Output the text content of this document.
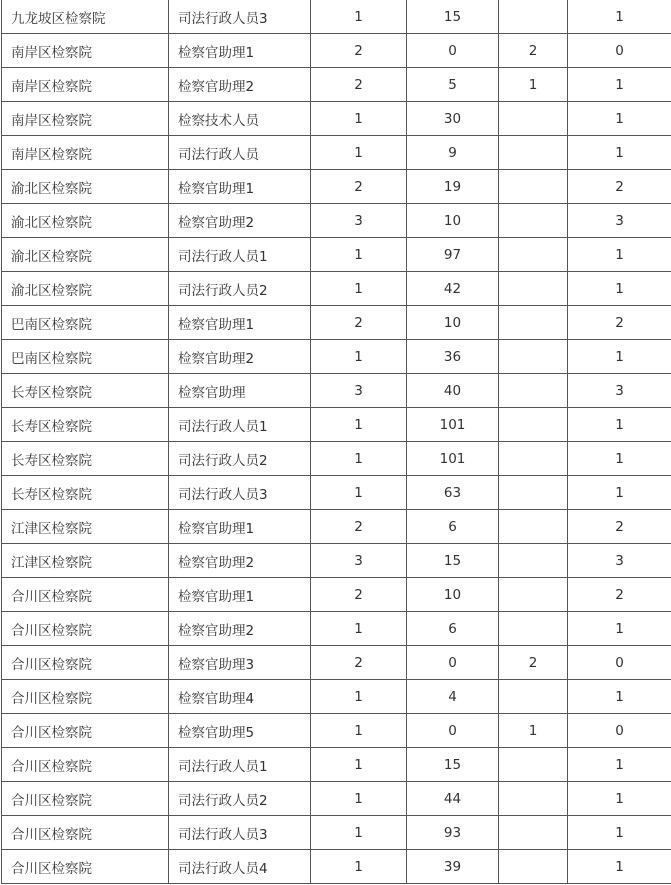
九龙坡区检察院	司法行政人员3	1	15		1
南岸区检察院	检察官助理1	2	0	2	0
南岸区检察院	检察官助理2	2	5	1	1
南岸区检察院	检察技术人员	1	30		1
南岸区检察院	司法行政人员	1	9		1
渝北区检察院	检察官助理1	2	19		2
渝北区检察院	检察官助理2	3	10		3
渝北区检察院	司法行政人员1	1	97		1
渝北区检察院	司法行政人员2	1	42		1
巴南区检察院	检察官助理1	2	10		2
巴南区检察院	检察官助理2	1	36		1
长寿区检察院	检察官助理	3	40		3
长寿区检察院	司法行政人员1	1	101		1
长寿区检察院	司法行政人员2	1	101		1
长寿区检察院	司法行政人员3	1	63		1
江津区检察院	检察官助理1	2	6		2
江津区检察院	检察官助理2	3	15		3
合川区检察院	检察官助理1	2	10		2
合川区检察院	检察官助理2	1	6		1
合川区检察院	检察官助理3	2	0	2	0
合川区检察院	检察官助理4	1	4		1
合川区检察院	检察官助理5	1	0	1	0
合川区检察院	司法行政人员1	1	15		1
合川区检察院	司法行政人员2	1	44		1
合川区检察院	司法行政人员3	1	93		1
合川区检察院	司法行政人员4	1	39		1
